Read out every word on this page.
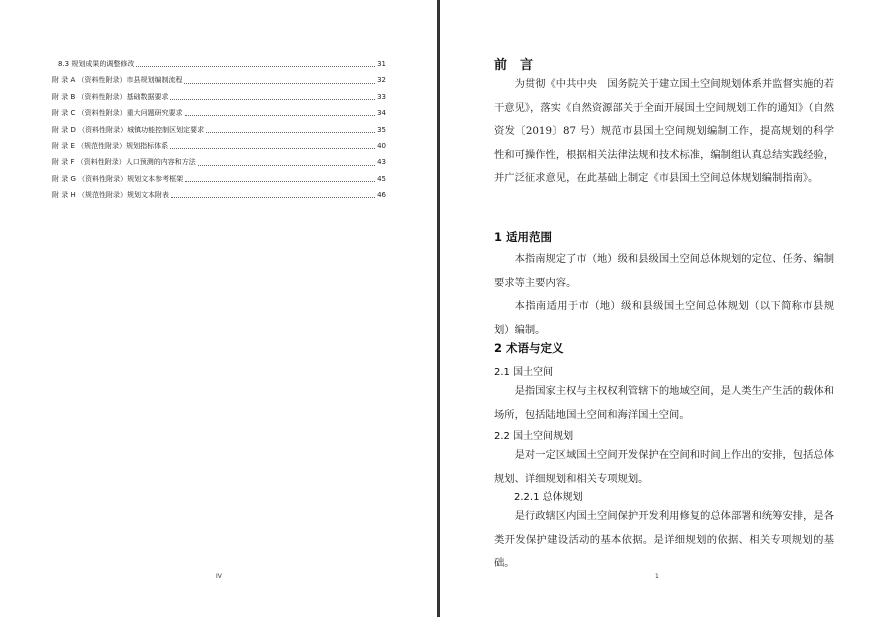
8.3 规划成果的调整修改	31
附 录 A （资料性附录）市县规划编制流程	32
附 录 B （资料性附录）基础数据要求	33
附 录 C （资料性附录）重大问题研究要求	34
附 录 D （资料性附录）城镇功能控制区划定要求	35
附 录 E （规范性附录）规划指标体系	40
附 录 F （资料性附录）人口预测的内容和方法	43
附 录 G （资料性附录）规划文本参考框架	45
附 录 H （规范性附录）规划文本附表	46
IV
前　言
为贯彻《中共中央　国务院关于建立国土空间规划体系并监督实施的若干意见》，落实《自然资源部关于全面开展国土空间规划工作的通知》（自然资发〔2019〕87 号）规范市县国土空间规划编制工作，提高规划的科学性和可操作性，根据相关法律法规和技术标准，编制组认真总结实践经验，并广泛征求意见，在此基础上制定《市县国土空间总体规划编制指南》。
1 适用范围
本指南规定了市（地）级和县级国土空间总体规划的定位、任务、编制要求等主要内容。
本指南适用于市（地）级和县级国土空间总体规划（以下简称市县规划）编制。
2 术语与定义
2.1 国土空间
是指国家主权与主权权利管辖下的地域空间，是人类生产生活的载体和场所，包括陆地国土空间和海洋国土空间。
2.2 国土空间规划
是对一定区域国土空间开发保护在空间和时间上作出的安排，包括总体规划、详细规划和相关专项规划。
2.2.1 总体规划
是行政辖区内国土空间保护开发利用修复的总体部署和统筹安排，是各类开发保护建设活动的基本依据。是详细规划的依据、相关专项规划的基础。
1
